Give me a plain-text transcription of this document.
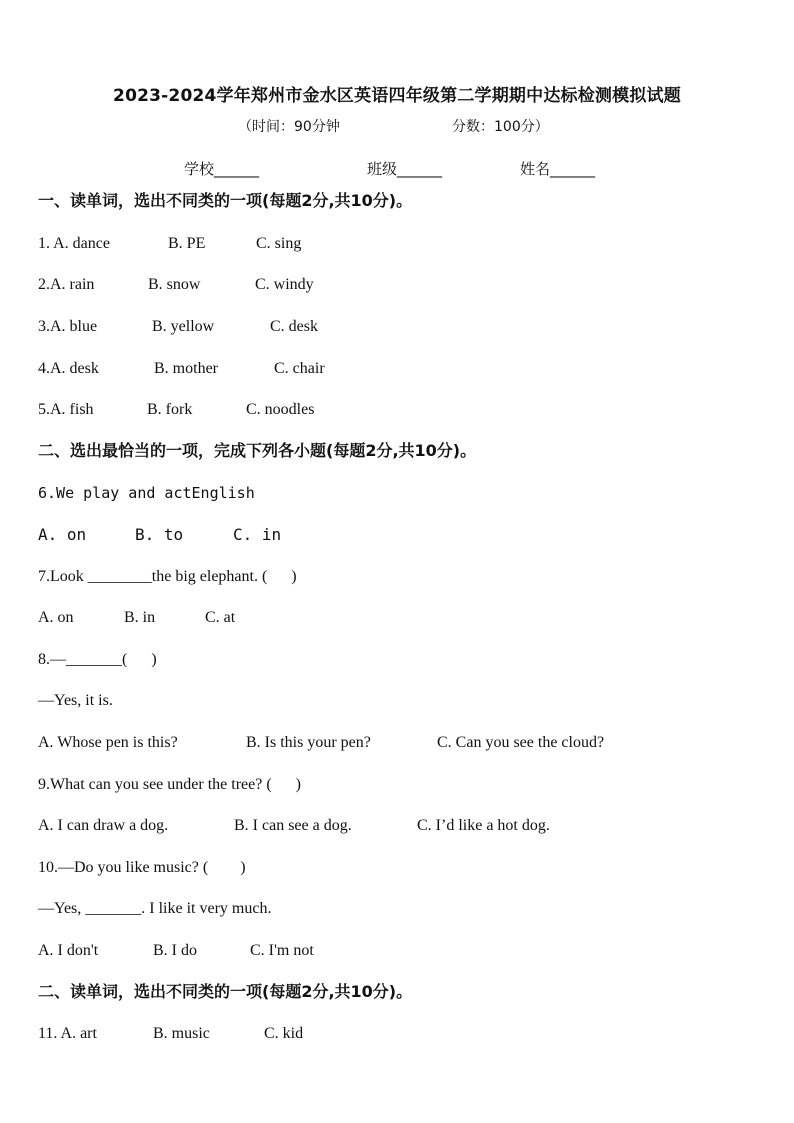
2023-2024学年郑州市金水区英语四年级第二学期期中达标检测模拟试题
（时间：90分钟	分数：100分）
学校______	班级______	姓名______
一、读单词，选出不同类的一项(每题2分,共10分)。
1. A. dance	B. PE	C. sing
2.A. rain	B. snow	C. windy
3.A. blue	B. yellow	C. desk
4.A. desk	B. mother	C. chair
5.A. fish	B. fork	C. noodles
二、选出最恰当的一项，完成下列各小题(每题2分,共10分)。
6.We play and actEnglish
A. on	B. to	C. in
7.Look ________the big elephant. (      )
A. on	B. in	C. at
8.—_______(      )
—Yes, it is.
A. Whose pen is this?	B. Is this your pen?	C. Can you see the cloud?
9.What can you see under the tree? (      )
A. I can draw a dog.	B. I can see a dog.	C. I’d like a hot dog.
10.—Do you like music? (        )
—Yes, _______. I like it very much.
A. I don't	B. I do	C. I'm not
二、读单词，选出不同类的一项(每题2分,共10分)。
11. A. art	B. music	C. kid
